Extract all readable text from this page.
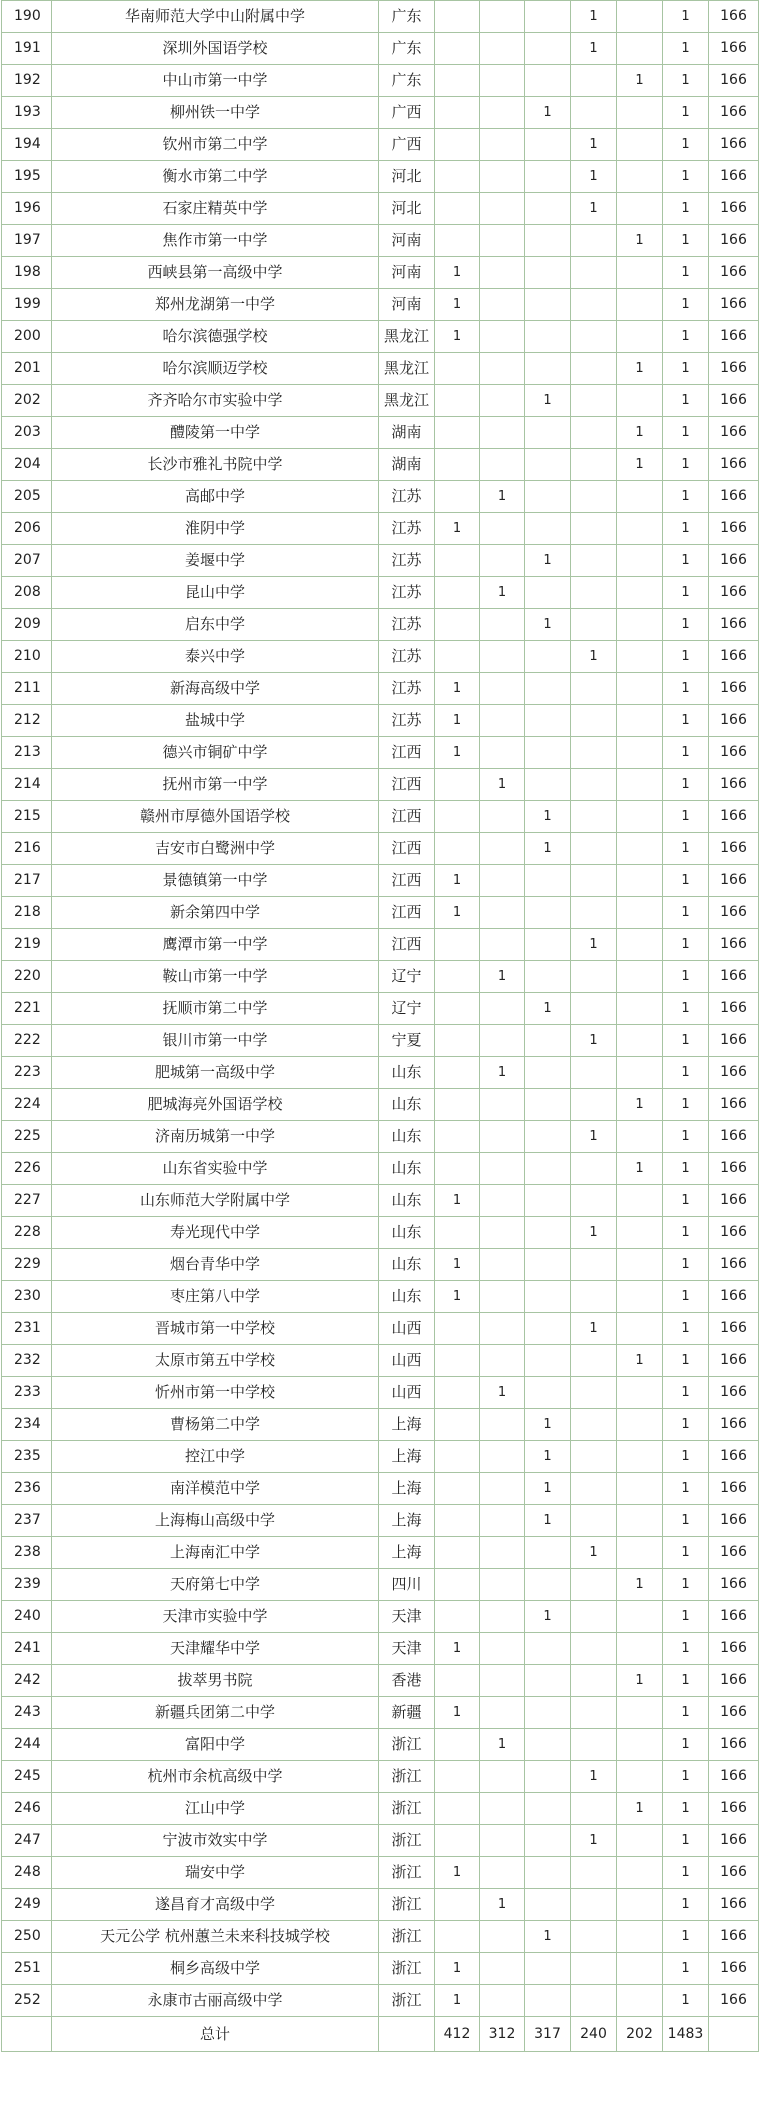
190	华南师范大学中山附属中学	广东				1		1	166
191	深圳外国语学校	广东				1		1	166
192	中山市第一中学	广东					1	1	166
193	柳州铁一中学	广西			1			1	166
194	钦州市第二中学	广西				1		1	166
195	衡水市第二中学	河北				1		1	166
196	石家庄精英中学	河北				1		1	166
197	焦作市第一中学	河南					1	1	166
198	西峡县第一高级中学	河南	1					1	166
199	郑州龙湖第一中学	河南	1					1	166
200	哈尔滨德强学校	黑龙江	1					1	166
201	哈尔滨顺迈学校	黑龙江					1	1	166
202	齐齐哈尔市实验中学	黑龙江			1			1	166
203	醴陵第一中学	湖南					1	1	166
204	长沙市雅礼书院中学	湖南					1	1	166
205	高邮中学	江苏		1				1	166
206	淮阴中学	江苏	1					1	166
207	姜堰中学	江苏			1			1	166
208	昆山中学	江苏		1				1	166
209	启东中学	江苏			1			1	166
210	泰兴中学	江苏				1		1	166
211	新海高级中学	江苏	1					1	166
212	盐城中学	江苏	1					1	166
213	德兴市铜矿中学	江西	1					1	166
214	抚州市第一中学	江西		1				1	166
215	赣州市厚德外国语学校	江西			1			1	166
216	吉安市白鹭洲中学	江西			1			1	166
217	景德镇第一中学	江西	1					1	166
218	新余第四中学	江西	1					1	166
219	鹰潭市第一中学	江西				1		1	166
220	鞍山市第一中学	辽宁		1				1	166
221	抚顺市第二中学	辽宁			1			1	166
222	银川市第一中学	宁夏				1		1	166
223	肥城第一高级中学	山东		1				1	166
224	肥城海亮外国语学校	山东					1	1	166
225	济南历城第一中学	山东				1		1	166
226	山东省实验中学	山东					1	1	166
227	山东师范大学附属中学	山东	1					1	166
228	寿光现代中学	山东				1		1	166
229	烟台青华中学	山东	1					1	166
230	枣庄第八中学	山东	1					1	166
231	晋城市第一中学校	山西				1		1	166
232	太原市第五中学校	山西					1	1	166
233	忻州市第一中学校	山西		1				1	166
234	曹杨第二中学	上海			1			1	166
235	控江中学	上海			1			1	166
236	南洋模范中学	上海			1			1	166
237	上海梅山高级中学	上海			1			1	166
238	上海南汇中学	上海				1		1	166
239	天府第七中学	四川					1	1	166
240	天津市实验中学	天津			1			1	166
241	天津耀华中学	天津	1					1	166
242	拔萃男书院	香港					1	1	166
243	新疆兵团第二中学	新疆	1					1	166
244	富阳中学	浙江		1				1	166
245	杭州市余杭高级中学	浙江				1		1	166
246	江山中学	浙江					1	1	166
247	宁波市效实中学	浙江				1		1	166
248	瑞安中学	浙江	1					1	166
249	遂昌育才高级中学	浙江		1				1	166
250	天元公学 杭州蕙兰未来科技城学校	浙江			1			1	166
251	桐乡高级中学	浙江	1					1	166
252	永康市古丽高级中学	浙江	1					1	166
	总计		412	312	317	240	202	1483	
